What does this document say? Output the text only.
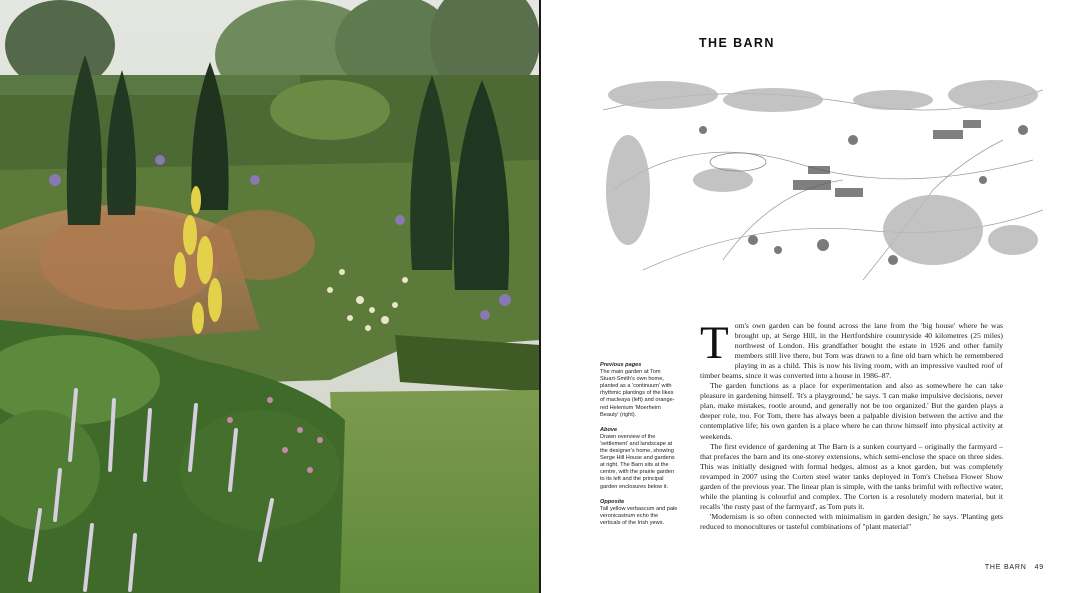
THE BARN
Previous pages
The main garden at Tom Stuart-Smith's own home, planted as a 'continuum' with rhythmic plantings of the likes of macleaya (left) and orange-red Helenium 'Moerheim Beauty' (right).
Above
Drawn overview of the 'settlement' and landscape at the designer's home, showing Serge Hill House and gardens at right. The Barn sits at the centre, with the prairie garden to its left and the principal garden enclosures below it.
Opposite
Tall yellow verbascum and pale veronicastrum echo the verticals of the Irish yews.

Tom's own garden can be found across the lane from the 'big house' where he was brought up, at Serge Hill, in the Hertfordshire countryside 40 kilometres (25 miles) northwest of London. His grandfather bought the estate in 1926 and other family members still live there, but Tom was drawn to a fine old barn which he remembered playing in as a child. This is now his living room, with an impressive vaulted roof of timber beams, since it was converted into a house in 1986–87.

The garden functions as a place for experimentation and also as somewhere he can take pleasure in gardening himself. 'It's a playground,' he says. 'I can make impulsive decisions, never plan, make mistakes, rootle around, and generally not be too organized.' But the garden plays a deeper role, too. For Tom, there has always been a palpable division between the active and the contemplative life; his own garden is a place where he can throw himself into physical activity at weekends.

The first evidence of gardening at The Barn is a sunken courtyard – originally the farmyard – that prefaces the barn and its one-storey extensions, which semi-enclose the space on three sides. This was initially designed with formal hedges, almost as a knot garden, but was completely revamped in 2007 using the Corten steel water tanks deployed in Tom's Chelsea Flower Show garden of the previous year. The linear plan is simple, with the tanks brimful with reflective water, while the planting is colourful and complex. The Corten is a resolutely modern material, but it recalls 'the rusty past of the farmyard', as Tom puts it.

'Modernism is so often connected with minimalism in garden design,' he says. 'Planting gets reduced to monocultures or tasteful combinations of "plant material"

THE BARN 49
